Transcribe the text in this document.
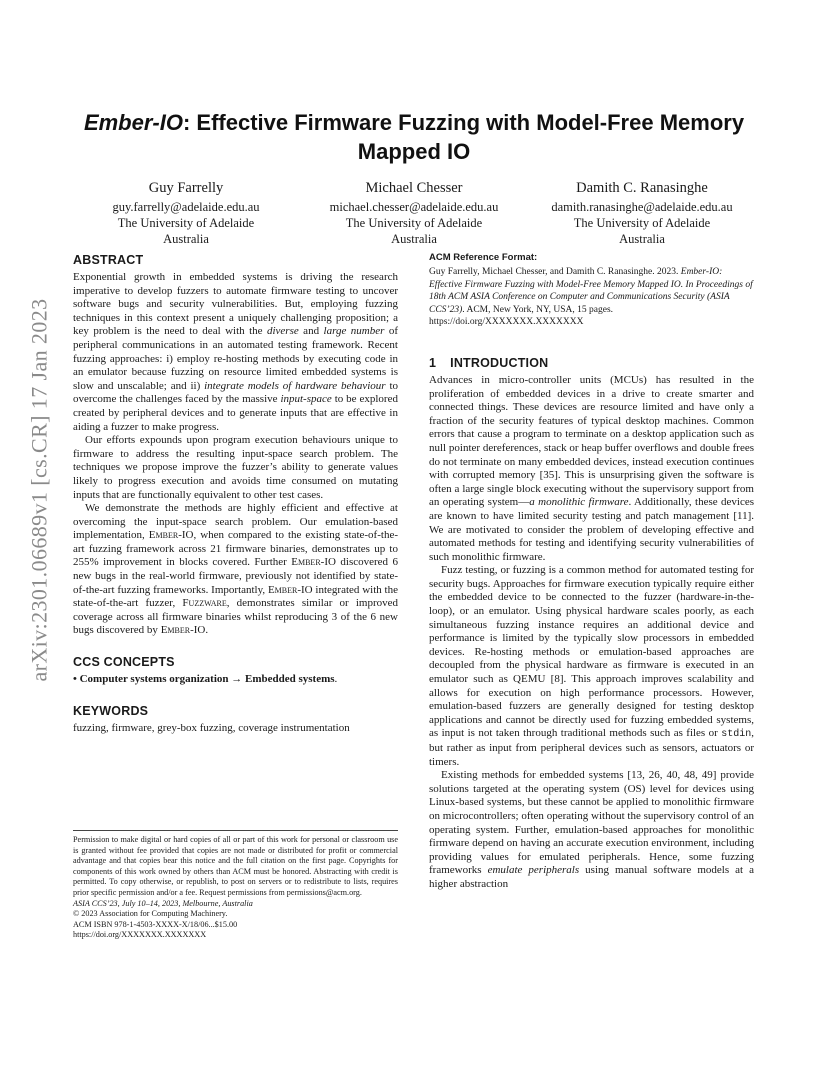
arXiv:2301.06689v1 [cs.CR] 17 Jan 2023
Ember-IO: Effective Firmware Fuzzing with Model-Free Memory
Mapped IO
Guy Farrelly
guy.farrelly@adelaide.edu.au
The University of Adelaide
Australia
Michael Chesser
michael.chesser@adelaide.edu.au
The University of Adelaide
Australia
Damith C. Ranasinghe
damith.ranasinghe@adelaide.edu.au
The University of Adelaide
Australia
ABSTRACT

Exponential growth in embedded systems is driving the research imperative to develop fuzzers to automate firmware testing to uncover software bugs and security vulnerabilities. But, employing fuzzing techniques in this context present a uniquely challenging proposition; a key problem is the need to deal with the diverse and large number of peripheral communications in an automated testing framework. Recent fuzzing approaches: i) employ re-hosting methods by executing code in an emulator because fuzzing on resource limited embedded systems is slow and unscalable; and ii) integrate models of hardware behaviour to overcome the challenges faced by the massive input-space to be explored created by peripheral devices and to generate inputs that are effective in aiding a fuzzer to make progress.

Our efforts expounds upon program execution behaviours unique to firmware to address the resulting input-space search problem. The techniques we propose improve the fuzzer’s ability to generate values likely to progress execution and avoids time consumed on mutating inputs that are functionally equivalent to other test cases.

We demonstrate the methods are highly efficient and effective at overcoming the input-space search problem. Our emulation-based implementation, Ember-IO, when compared to the existing state-of-the-art fuzzing framework across 21 firmware binaries, demonstrates up to 255% improvement in blocks covered. Further Ember-IO discovered 6 new bugs in the real-world firmware, previously not identified by state-of-the-art fuzzing frameworks. Importantly, Ember-IO integrated with the state-of-the-art fuzzer, Fuzzware, demonstrates similar or improved coverage across all firmware binaries whilst reproducing 3 of the 6 new bugs discovered by Ember-IO.

CCS CONCEPTS

• Computer systems organization → Embedded systems.

KEYWORDS

fuzzing, firmware, grey-box fuzzing, coverage instrumentation

Permission to make digital or hard copies of all or part of this work for personal or classroom use is granted without fee provided that copies are not made or distributed for profit or commercial advantage and that copies bear this notice and the full citation on the first page. Copyrights for components of this work owned by others than ACM must be honored. Abstracting with credit is permitted. To copy otherwise, or republish, to post on servers or to redistribute to lists, requires prior specific permission and/or a fee. Request permissions from permissions@acm.org.
ASIA CCS’23, July 10–14, 2023, Melbourne, Australia
© 2023 Association for Computing Machinery.
ACM ISBN 978-1-4503-XXXX-X/18/06...$15.00
https://doi.org/XXXXXXX.XXXXXXX
ACM Reference Format:

Guy Farrelly, Michael Chesser, and Damith C. Ranasinghe. 2023. Ember-IO: Effective Firmware Fuzzing with Model-Free Memory Mapped IO. In Proceedings of 18th ACM ASIA Conference on Computer and Communications Security (ASIA CCS’23). ACM, New York, NY, USA, 15 pages. https://doi.org/XXXXXXX.XXXXXXX

1 INTRODUCTION

Advances in micro-controller units (MCUs) has resulted in the proliferation of embedded devices in a drive to create smarter and connected things. These devices are resource limited and have only a fraction of the security features of typical desktop machines. Common errors that cause a program to terminate on a desktop application such as null pointer dereferences, stack or heap buffer overflows and double frees do not terminate on many embedded devices, instead execution continues with corrupted memory [35]. This is unsurprising given the software is often a large single block executing without the supervisory support from an operating system—a monolithic firmware. Additionally, these devices are known to have limited security testing and patch management [11]. We are motivated to consider the problem of developing effective and automated methods for testing and identifying security vulnerabilities of such monolithic firmware.

Fuzz testing, or fuzzing is a common method for automated testing for security bugs. Approaches for firmware execution typically require either the embedded device to be connected to the fuzzer (hardware-in-the-loop), or an emulator. Using physical hardware scales poorly, as each simultaneous fuzzing instance requires an additional device and performance is limited by the typically slow processors in embedded devices. Re-hosting methods or emulation-based approaches are decoupled from the physical hardware as firmware is executed in an emulator such as QEMU [8]. This approach improves scalability and allows for execution on high performance processors. However, emulation-based fuzzers are generally designed for testing desktop applications and cannot be directly used for fuzzing embedded systems, as input is not taken through traditional methods such as files or stdin, but rather as input from peripheral devices such as sensors, actuators or timers.

Existing methods for embedded systems [13, 26, 40, 48, 49] provide solutions targeted at the operating system (OS) level for devices using Linux-based systems, but these cannot be applied to monolithic firmware on microcontrollers; often operating without the supervisory control of an operating system. Further, emulation-based approaches for monolithic firmware depend on having an accurate execution environment, including providing values for emulated peripherals. Hence, some fuzzing frameworks emulate peripherals using manual software models at a higher abstraction
